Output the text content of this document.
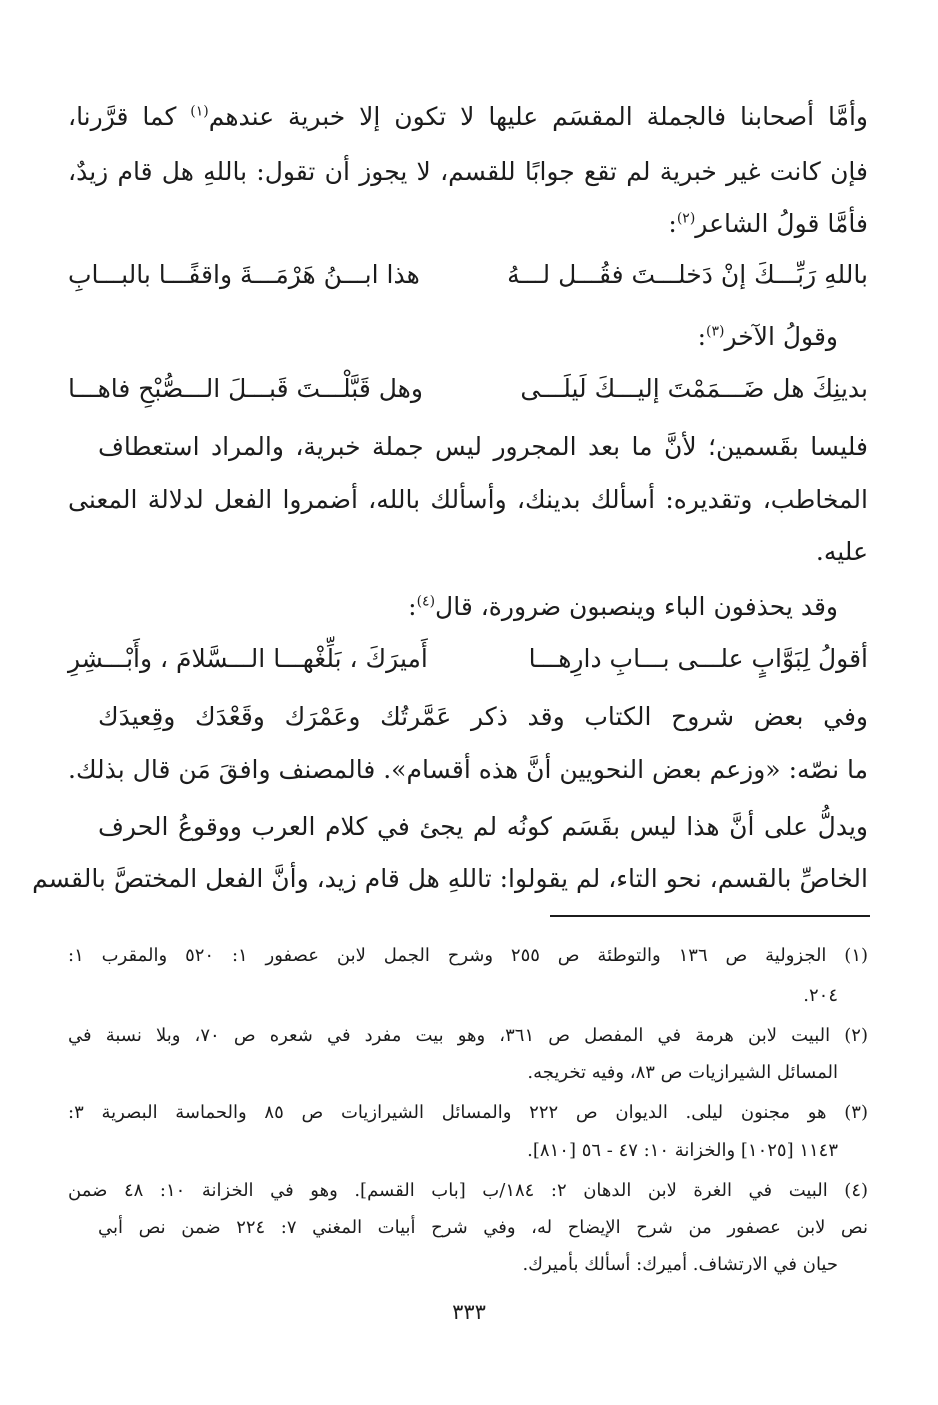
وأمَّا أصحابنا فالجملة المقسَم عليها لا تكون إلا خبرية عندهم$^{(١)}$ كما قرَّرنا،
فإن كانت غير خبرية لم تقع جوابًا للقسم، لا يجوز أن تقول: باللهِ هل قام زيدٌ،
فأمَّا قولُ الشاعر$^{(٢)}$:
باللهِ رَبِّـــكَ إنْ دَخلـــتَ فقُـــل لـــهُ
هذا ابـــنُ هَرْمَـــةَ واقفًـــا بالبـــابِ
وقولُ الآخر$^{(٣)}$:
بدينِكَ هل ضَـــمَمْتَ إليـــكَ لَيلَـــى
وهل قَبَّلْـــتَ قَبـــلَ الـــصُّبْحِ فاهـــا
فليسا بقَسمين؛ لأنَّ ما بعد المجرور ليس جملة خبرية، والمراد استعطاف
المخاطب، وتقديره: أسألك بدينك، وأسألك بالله، أضمروا الفعل لدلالة المعنى
عليه.
وقد يحذفون الباء وينصبون ضرورة، قال$^{(٤)}$:
أقولُ لِبَوَّابٍ علـــى بـــابِ دارِهـــا
أَميرَكَ ، بَلِّغْهـــا الـــسَّلامَ ، وأَبْـــشِرِ
وفي بعض شروح الكتاب وقد ذكر عَمَّرتُك وعَمْرَك وقَعْدَك وقِعيدَك
ما نصّه: «وزعم بعض النحويين أنَّ هذه أقسام». فالمصنف وافقَ مَن قال بذلك.
ويدلُّ على أنَّ هذا ليس بقَسَم كونُه لم يجئ في كلام العرب ووقوعُ الحرف
الخاصِّ بالقسم، نحو التاء، لم يقولوا: تاللهِ هل قام زيد، وأنَّ الفعل المختصَّ بالقسم
(١) الجزولية ص ١٣٦ والتوطئة ص ٢٥٥ وشرح الجمل لابن عصفور ١: ٥٢٠ والمقرب ١:
٢٠٤.
(٢) البيت لابن هرمة في المفصل ص ٣٦١، وهو بيت مفرد في شعره ص ٧٠، وبلا نسبة في
المسائل الشيرازيات ص ٨٣، وفيه تخريجه.
(٣) هو مجنون ليلى. الديوان ص ٢٢٢ والمسائل الشيرازيات ص ٨٥ والحماسة البصرية ٣:
١١٤٣ [١٠٢٥] والخزانة ١٠: ٤٧ - ٥٦ [٨١٠].
(٤) البيت في الغرة لابن الدهان ٢: ١٨٤/ب [باب القسم]. وهو في الخزانة ١٠: ٤٨ ضمن
نص لابن عصفور من شرح الإيضاح له، وفي شرح أبيات المغني ٧: ٢٢٤ ضمن نص أبي
حيان في الارتشاف. أميرك: أسألك بأميرك.
٣٣٣
